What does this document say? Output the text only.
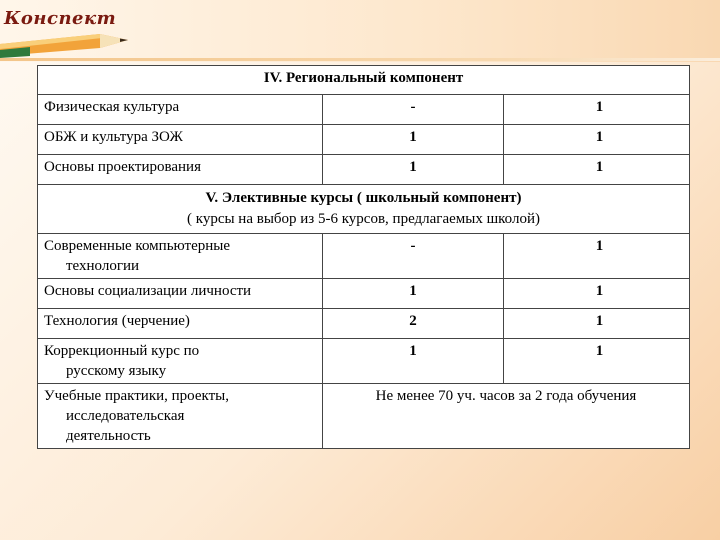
Конспект
IV. Региональный компонент		
Физическая культура	-	1
ОБЖ и культура ЗОЖ	1	1
Основы проектирования	1	1

V. Элективные курсы ( школьный компонент)
( курсы на выбор из 5-6 курсов, предлагаемых школой)		

Современные компьютерные
технологии	-	1
Основы социализации личности	1	1
Технология (черчение)	2	1
Коррекционный курс по
русскому языку	1	1
Учебные практики, проекты,
исследовательская
деятельность	Не менее 70 уч. часов за 2 года обучения	
